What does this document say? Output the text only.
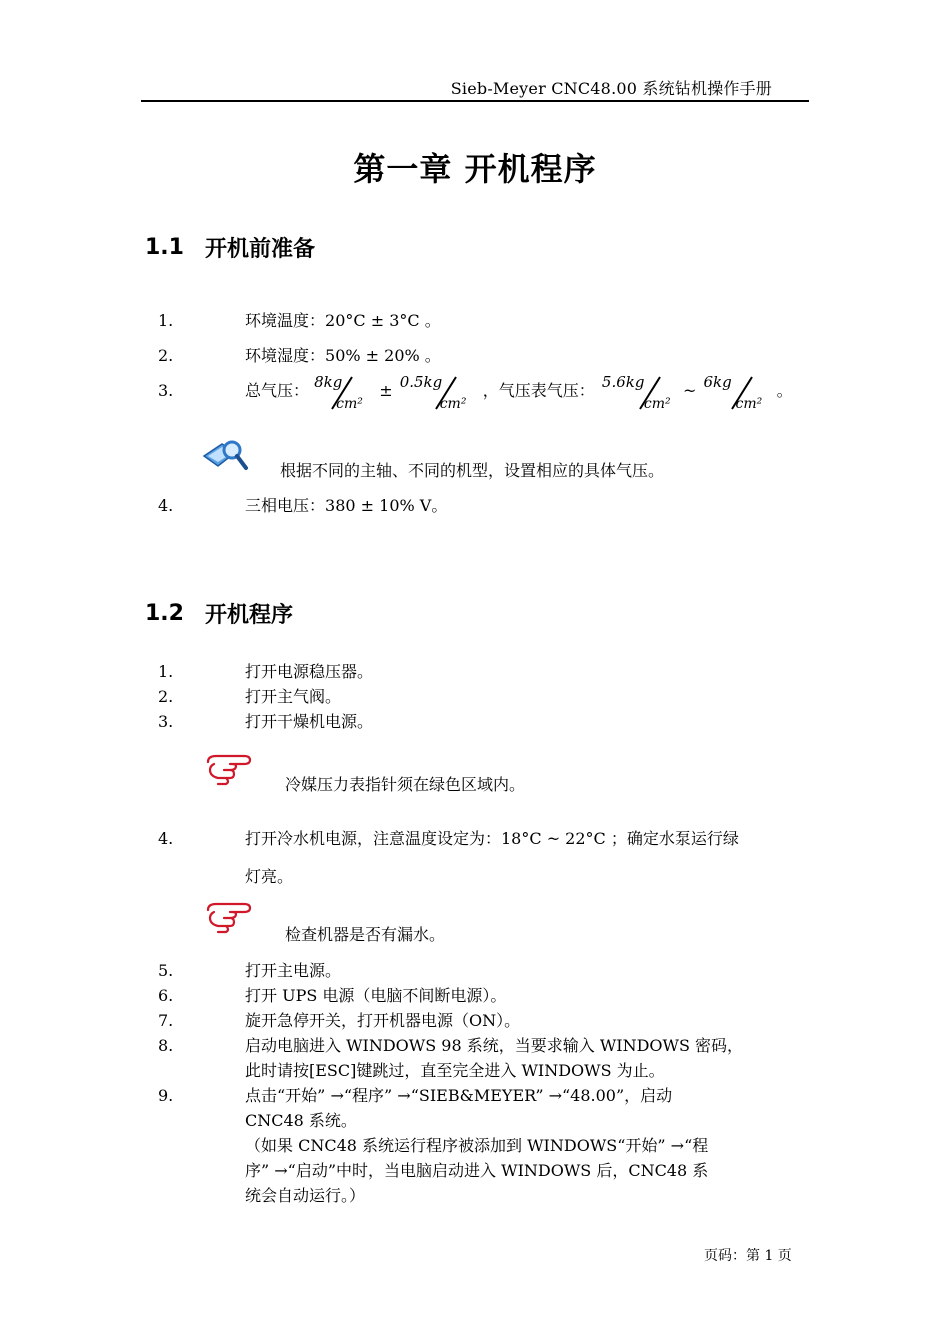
Sieb-Meyer CNC48.00 系统钻机操作手册
第一章 开机程序
1.1 开机前准备
1.	环境温度：20°C ± 3°C 。
2.	环境湿度：50% ± 20% 。
3.	总气压： 8kg
cm²
± 0.5kg
cm²
，气压表气压： 5.6kg
cm²
~ 6kg
cm²
。
根据不同的主轴、不同的机型，设置相应的具体气压。
4.	三相电压：380 ± 10% V。
1.2 开机程序
1.	打开电源稳压器。
2.	打开主气阀。
3.	打开干燥机电源。
冷媒压力表指针须在绿色区域内。
4.	打开冷水机电源，注意温度设定为：18°C ~ 22°C ；确定水泵运行绿
灯亮。
检查机器是否有漏水。
5.	打开主电源。
6.	打开 UPS 电源（电脑不间断电源）。
7.	旋开急停开关，打开机器电源（ON）。
8.	启动电脑进入 WINDOWS 98 系统，当要求输入 WINDOWS 密码，
此时请按[ESC]键跳过，直至完全进入 WINDOWS 为止。
9.	点击“开始” →“程序” →“SIEB&MEYER” →“48.00”，启动
CNC48 系统。
（如果 CNC48 系统运行程序被添加到 WINDOWS“开始” →“程
序” →“启动”中时，当电脑启动进入 WINDOWS 后，CNC48 系
统会自动运行。）
页码：第 1 页
